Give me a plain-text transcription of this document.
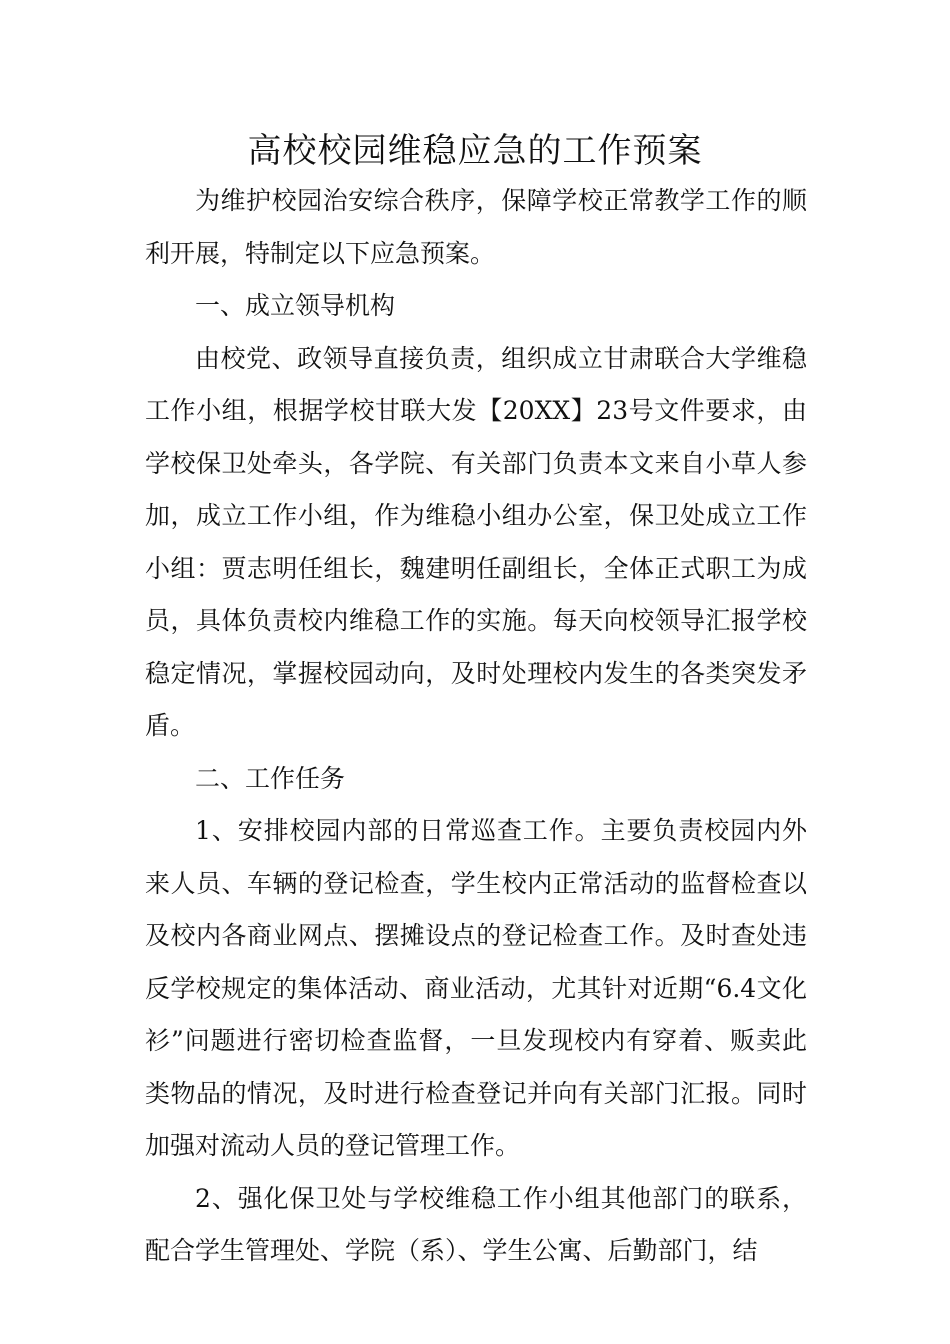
高校校园维稳应急的工作预案

为维护校园治安综合秩序，保障学校正常教学工作的顺利开展，特制定以下应急预案。

一、成立领导机构

由校党、政领导直接负责，组织成立甘肃联合大学维稳工作小组，根据学校甘联大发【20XX】23号文件要求，由学校保卫处牵头，各学院、有关部门负责本文来自小草人参加，成立工作小组，作为维稳小组办公室，保卫处成立工作小组：贾志明任组长，魏建明任副组长，全体正式职工为成员，具体负责校内维稳工作的实施。每天向校领导汇报学校稳定情况，掌握校园动向，及时处理校内发生的各类突发矛盾。

二、工作任务

1、安排校园内部的日常巡查工作。主要负责校园内外来人员、车辆的登记检查，学生校内正常活动的监督检查以及校内各商业网点、摆摊设点的登记检查工作。及时查处违反学校规定的集体活动、商业活动，尤其针对近期“6.4文化衫”问题进行密切检查监督，一旦发现校内有穿着、贩卖此类物品的情况，及时进行检查登记并向有关部门汇报。同时加强对流动人员的登记管理工作。

2、强化保卫处与学校维稳工作小组其他部门的联系，配合学生管理处、学院（系）、学生公寓、后勤部门，结
